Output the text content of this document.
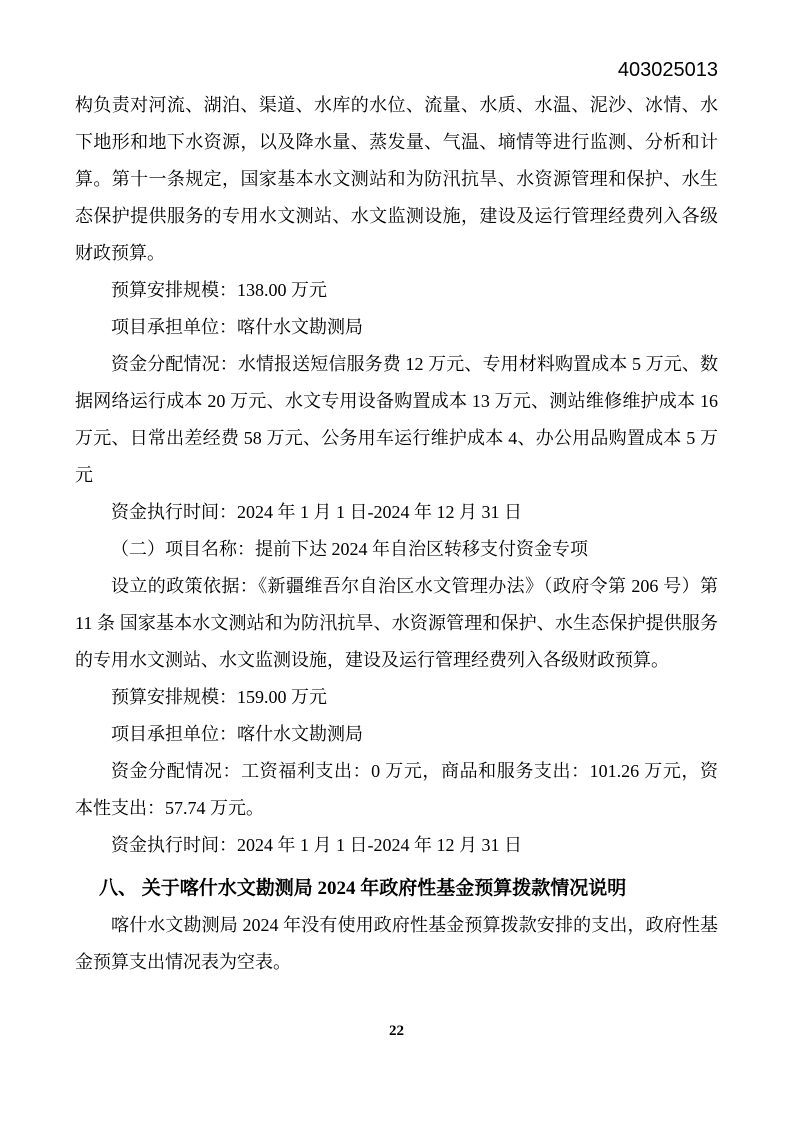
403025013

构负责对河流、湖泊、渠道、水库的水位、流量、水质、水温、泥沙、冰情、水下地形和地下水资源，以及降水量、蒸发量、气温、墒情等进行监测、分析和计算。第十一条规定，国家基本水文测站和为防汛抗旱、水资源管理和保护、水生态保护提供服务的专用水文测站、水文监测设施，建设及运行管理经费列入各级财政预算。

预算安排规模：138.00 万元

项目承担单位：喀什水文勘测局

资金分配情况：水情报送短信服务费 12 万元、专用材料购置成本 5 万元、数据网络运行成本 20 万元、水文专用设备购置成本 13 万元、测站维修维护成本 16 万元、日常出差经费 58 万元、公务用车运行维护成本 4、办公用品购置成本 5 万元

资金执行时间：2024 年 1 月 1 日-2024 年 12 月 31 日

（二）项目名称：提前下达 2024 年自治区转移支付资金专项

设立的政策依据：《新疆维吾尔自治区水文管理办法》（政府令第 206 号）第 11 条 国家基本水文测站和为防汛抗旱、水资源管理和保护、水生态保护提供服务的专用水文测站、水文监测设施，建设及运行管理经费列入各级财政预算。

预算安排规模：159.00 万元

项目承担单位：喀什水文勘测局

资金分配情况：工资福利支出：0 万元，商品和服务支出：101.26 万元，资本性支出：57.74 万元。

资金执行时间：2024 年 1 月 1 日-2024 年 12 月 31 日

八、 关于喀什水文勘测局 2024 年政府性基金预算拨款情况说明

喀什水文勘测局 2024 年没有使用政府性基金预算拨款安排的支出，政府性基金预算支出情况表为空表。

22
